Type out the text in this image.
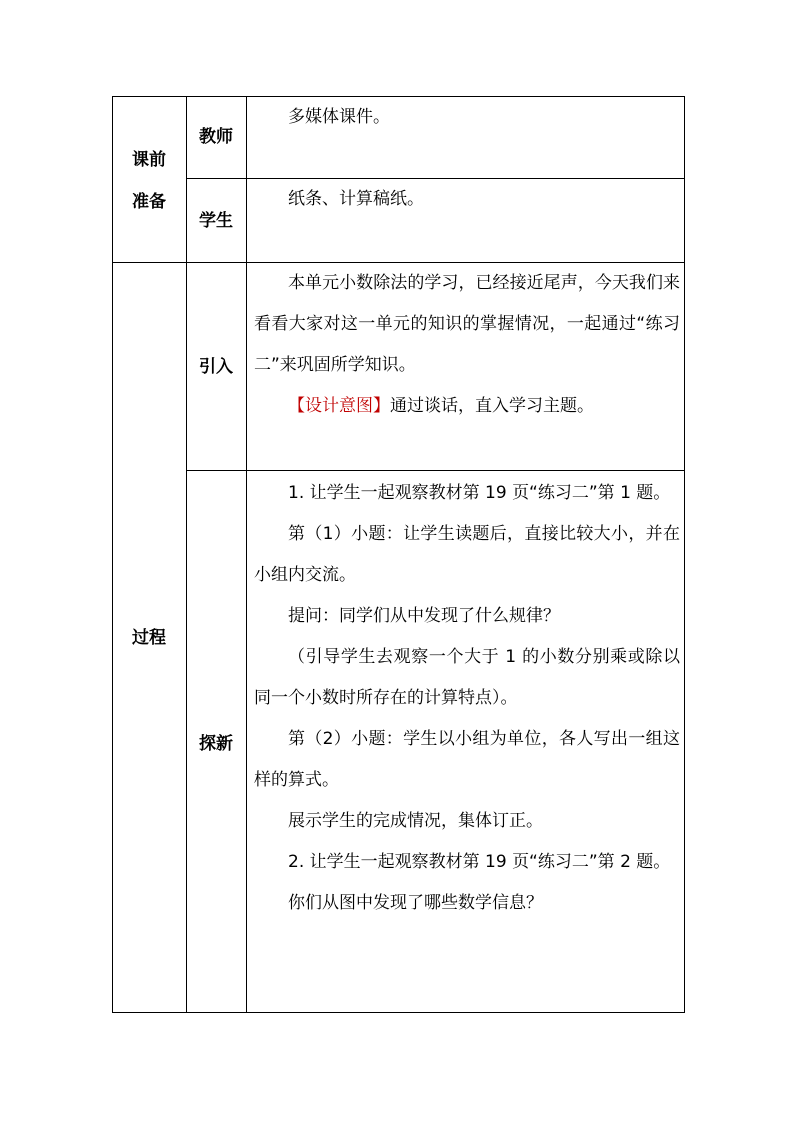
课前
准备
过程
教师
学生
引入
探新

多媒体课件。

纸条、计算稿纸。

本单元小数除法的学习，已经接近尾声，今天我们来看看大家对这一单元的知识的掌握情况，一起通过“练习二”来巩固所学知识。

【设计意图】通过谈话，直入学习主题。

1. 让学生一起观察教材第 19 页“练习二”第 1 题。

第（1）小题：让学生读题后，直接比较大小，并在小组内交流。

提问：同学们从中发现了什么规律？

（引导学生去观察一个大于 1 的小数分别乘或除以同一个小数时所存在的计算特点）。

第（2）小题：学生以小组为单位，各人写出一组这样的算式。

展示学生的完成情况，集体订正。

2. 让学生一起观察教材第 19 页“练习二”第 2 题。

你们从图中发现了哪些数学信息？
